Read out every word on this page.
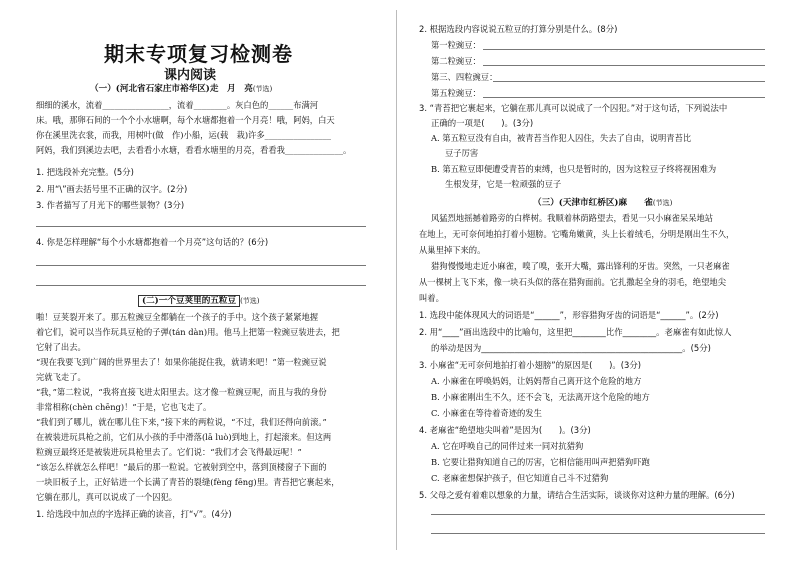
期末专项复习检测卷
课内阅读
（一）(河北省石家庄市裕华区)走　月　亮(节选)
细细的溪水，流着________________，流着________。灰白色的______布满河
床。哦，那卵石间的一个个小水塘啊，每个水塘都抱着一个月亮！哦，阿妈，白天
你在溪里洗衣裳，而我，用树叶(做　作)小船，运(载　栽)许多________________
阿妈，我们到溪边去吧，去看看小水塘，看看水塘里的月亮，看看我______________。
1. 把选段补充完整。(5分)
2. 用“\”画去括号里不正确的汉字。(2分)
3. 作者描写了月光下的哪些景物？(3分)
4. 你是怎样理解“每个小水塘都抱着一个月亮”这句话的？(6分)
(二)一个豆荚里的五粒豆 (节选)
啪！豆荚裂开来了。那五粒豌豆全都躺在一个孩子的手中。这个孩子紧紧地握
着它们，说可以当作玩具豆枪的子弹(tán dàn)用。他马上把第一粒豌豆装进去，把
它射了出去。
“现在我要飞到广阔的世界里去了！如果你能捉住我，就请来吧！”第一粒豌豆说
完就飞走了。
“我，”第二粒说，“我将直接飞进太阳里去。这才像一粒豌豆呢，而且与我的身份
非常相称(chèn chēng)！”于是，它也飞走了。
“我们到了哪儿，就在哪儿住下来，”接下来的两粒说，“不过，我们还得向前滚。”
在被装进玩具枪之前，它们从小孩的手中滑落(lā luò)到地上，打起滚来。但这两
粒豌豆最终还是被装进玩具枪里去了。它们说：“我们才会飞得最远呢！”
“该怎么样就怎么样吧！”最后的那一粒说。它被射到空中，落到顶楼窗子下面的
一块旧板子上，正好钻进一个长满了青苔的裂缝(fèng fēng)里。青苔把它裹起来，
它躺在那儿，真可以说成了一个囚犯。
1. 给选段中加点的字选择正确的读音，打“√”。(4分)
2. 根据选段内容说说五粒豆的打算分别是什么。(8分)
第一粒豌豆：
第二粒豌豆：
第三、四粒豌豆：
第五粒豌豆：
3. “青苔把它裹起来，它躺在那儿真可以说成了一个囚犯。”对于这句话，下列说法中
正确的一项是(　　)。(3分)
A. 第五粒豆没有自由，被青苔当作犯人囚住，失去了自由，说明青苔比
豆子厉害
B. 第五粒豆即便遭受青苔的束缚，也只是暂时的，因为这粒豆子终将视困难为
生根发芽，它是一粒顽强的豆子
（三）(天津市红桥区)麻　　雀(节选)
风猛烈地摇撼着路旁的白桦树。我顺着林荫路望去，看见一只小麻雀呆呆地站
在地上，无可奈何地拍打着小翅膀。它嘴角嫩黄，头上长着绒毛，分明是刚出生不久，
从巢里掉下来的。
猎狗慢慢地走近小麻雀，嗅了嗅，张开大嘴，露出锋利的牙齿。突然，一只老麻雀
从一棵树上飞下来，像一块石头似的落在猎狗面前。它扎撒起全身的羽毛，绝望地尖
叫着。
1. 选段中能体现风大的词语是“______”，形容猎狗牙齿的词语是“______”。(2分)
2. 用“____”画出选段中的比喻句，这里把________比作________。老麻雀有如此惊人
的举动是因为________________________________________________。(5分)
3. 小麻雀“无可奈何地拍打着小翅膀”的原因是(　　)。(3分)
A. 小麻雀在呼唤妈妈，让妈妈帮自己离开这个危险的地方
B. 小麻雀刚出生不久，还不会飞，无法离开这个危险的地方
C. 小麻雀在等待着奇迹的发生
4. 老麻雀“绝望地尖叫着”是因为(　　)。(3分)
A. 它在呼唤自己的同伴过来一同对抗猎狗
B. 它要让猎狗知道自己的厉害，它相信能用叫声把猎狗吓跑
C. 老麻雀想保护孩子，但它知道自己斗不过猎狗
5. 父母之爱有着难以想象的力量，请结合生活实际，谈谈你对这种力量的理解。(6分)
